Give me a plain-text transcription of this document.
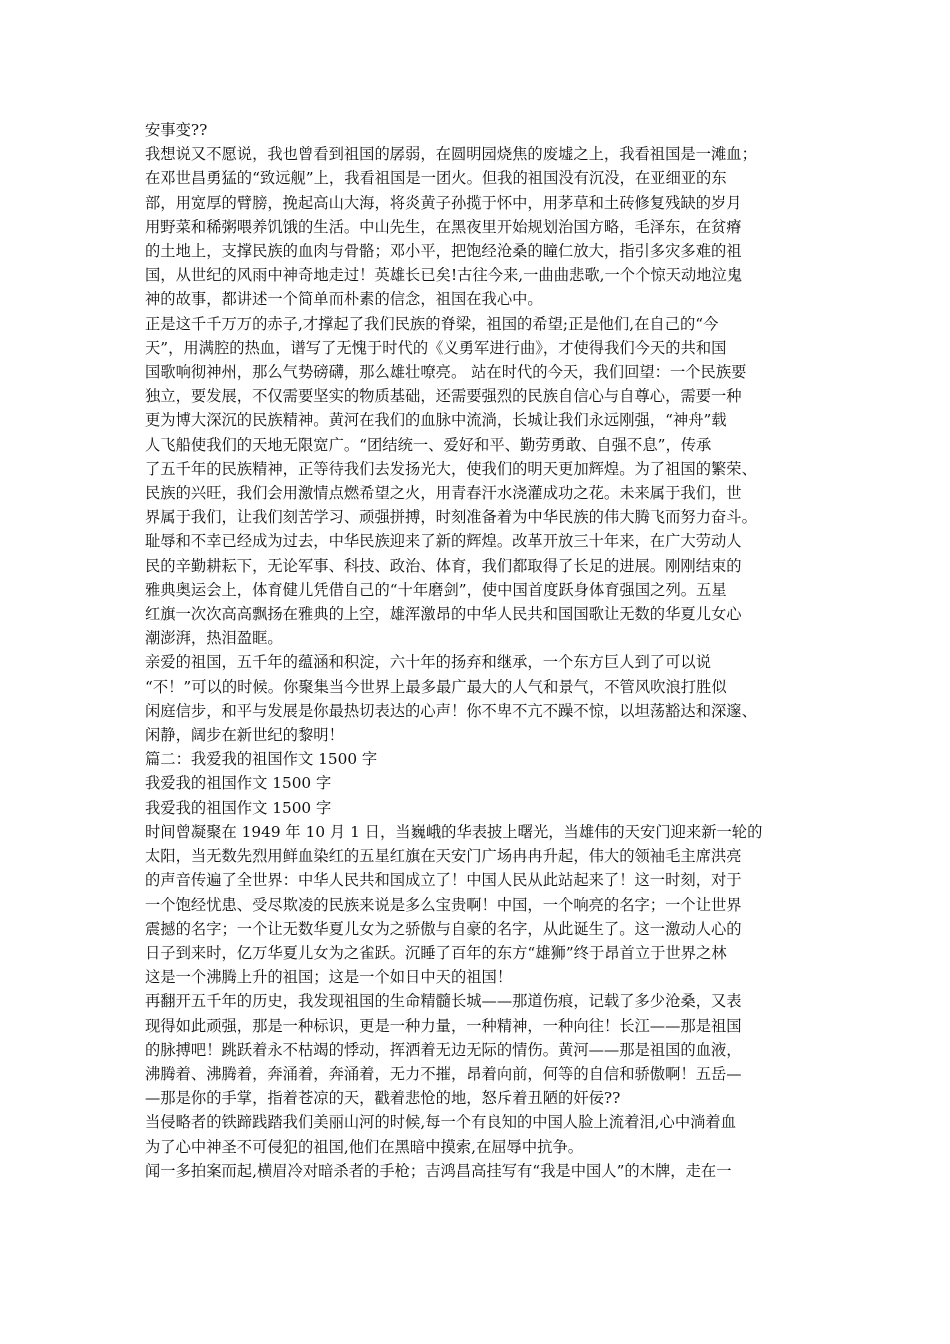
安事变??
我想说又不愿说，我也曾看到祖国的孱弱，在圆明园烧焦的废墟之上，我看祖国是一滩血；
在邓世昌勇猛的“致远舰”上，我看祖国是一团火。但我的祖国没有沉没，在亚细亚的东
部，用宽厚的臂膀，挽起高山大海，将炎黄子孙揽于怀中，用茅草和土砖修复残缺的岁月
用野菜和稀粥喂养饥饿的生活。中山先生，在黑夜里开始规划治国方略，毛泽东，在贫瘠
的土地上，支撑民族的血肉与骨骼；邓小平，把饱经沧桑的瞳仁放大，指引多灾多难的祖
国，从世纪的风雨中神奇地走过！英雄长已矣!古往今来,一曲曲悲歌,一个个惊天动地泣鬼
神的故事，都讲述一个简单而朴素的信念，祖国在我心中。
正是这千千万万的赤子,才撑起了我们民族的脊梁，祖国的希望;正是他们,在自己的“今
天”，用满腔的热血，谱写了无愧于时代的《义勇军进行曲》，才使得我们今天的共和国
国歌响彻神州，那么气势磅礴，那么雄壮嘹亮。 站在时代的今天，我们回望：一个民族要
独立，要发展，不仅需要坚实的物质基础，还需要强烈的民族自信心与自尊心，需要一种
更为博大深沉的民族精神。黄河在我们的血脉中流淌，长城让我们永远刚强，“神舟”载
人飞船使我们的天地无限宽广。“团结统一、爱好和平、勤劳勇敢、自强不息”，传承
了五千年的民族精神，正等待我们去发扬光大，使我们的明天更加辉煌。为了祖国的繁荣、
民族的兴旺，我们会用激情点燃希望之火，用青春汗水浇灌成功之花。未来属于我们，世
界属于我们，让我们刻苦学习、顽强拼搏，时刻准备着为中华民族的伟大腾飞而努力奋斗。
耻辱和不幸已经成为过去，中华民族迎来了新的辉煌。改革开放三十年来，在广大劳动人
民的辛勤耕耘下，无论军事、科技、政治、体育，我们都取得了长足的进展。刚刚结束的
雅典奥运会上，体育健儿凭借自己的“十年磨剑”，使中国首度跃身体育强国之列。五星
红旗一次次高高飘扬在雅典的上空，雄浑激昂的中华人民共和国国歌让无数的华夏儿女心
潮澎湃，热泪盈眶。
亲爱的祖国，五千年的蕴涵和积淀，六十年的扬弃和继承，一个东方巨人到了可以说
“不！”可以的时候。你聚集当今世界上最多最广最大的人气和景气，不管风吹浪打胜似
闲庭信步，和平与发展是你最热切表达的心声！你不卑不亢不躁不惊，以坦荡豁达和深邃、
闲静，阔步在新世纪的黎明！
篇二：我爱我的祖国作文 1500 字
我爱我的祖国作文 1500 字
我爱我的祖国作文 1500 字
时间曾凝聚在 1949 年 10 月 1 日，当巍峨的华表披上曙光，当雄伟的天安门迎来新一轮的
太阳，当无数先烈用鲜血染红的五星红旗在天安门广场冉冉升起，伟大的领袖毛主席洪亮
的声音传遍了全世界：中华人民共和国成立了！中国人民从此站起来了！这一时刻，对于
一个饱经忧患、受尽欺凌的民族来说是多么宝贵啊！中国，一个响亮的名字；一个让世界
震撼的名字；一个让无数华夏儿女为之骄傲与自豪的名字，从此诞生了。这一激动人心的
日子到来时，亿万华夏儿女为之雀跃。沉睡了百年的东方“雄狮”终于昂首立于世界之林
这是一个沸腾上升的祖国；这是一个如日中天的祖国！
再翻开五千年的历史，我发现祖国的生命精髓长城——那道伤痕，记载了多少沧桑，又表
现得如此顽强，那是一种标识，更是一种力量，一种精神，一种向往！长江——那是祖国
的脉搏吧！跳跃着永不枯竭的悸动，挥洒着无边无际的情伤。黄河——那是祖国的血液，
沸腾着、沸腾着，奔涌着，奔涌着，无力不摧，昂着向前，何等的自信和骄傲啊！五岳—
—那是你的手掌，指着苍凉的天，戳着悲怆的地，怒斥着丑陋的奸佞??
当侵略者的铁蹄践踏我们美丽山河的时候,每一个有良知的中国人脸上流着泪,心中淌着血
为了心中神圣不可侵犯的祖国,他们在黑暗中摸索,在屈辱中抗争。
闻一多拍案而起,横眉冷对暗杀者的手枪；吉鸿昌高挂写有“我是中国人”的木牌，走在一
